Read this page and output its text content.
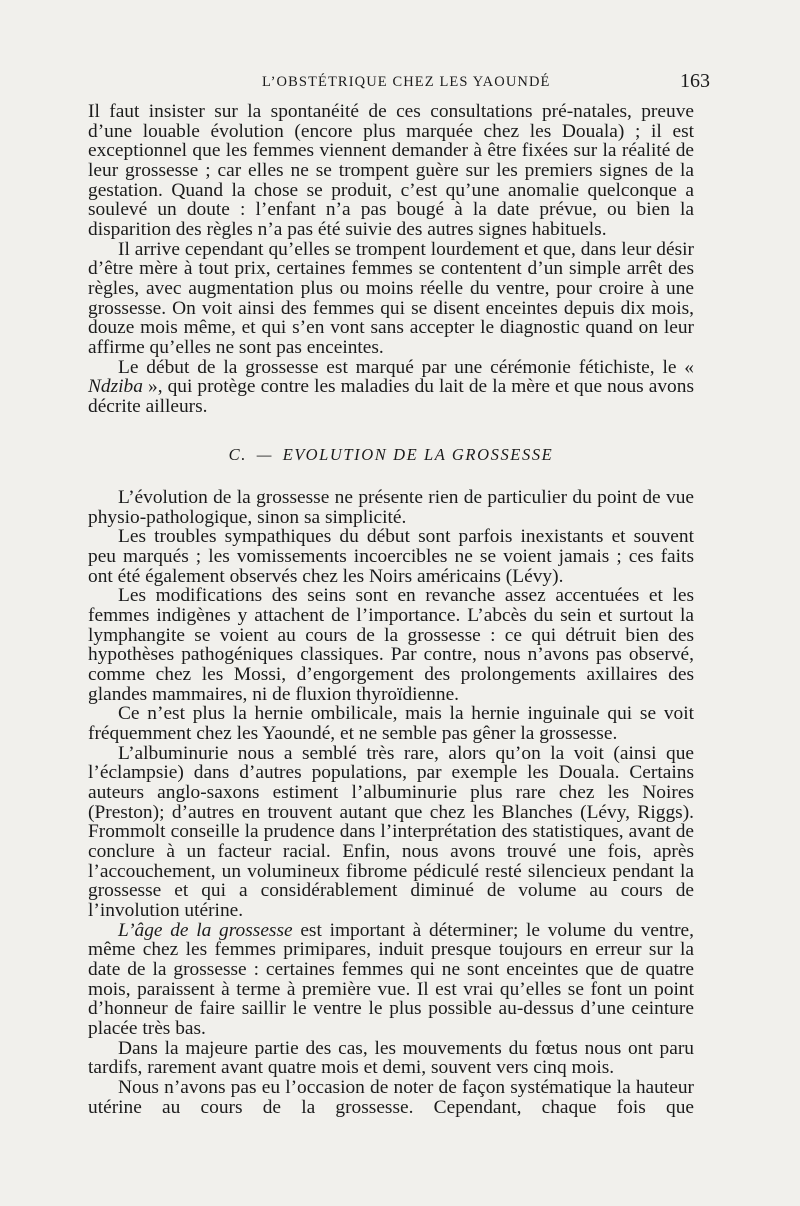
L’OBSTÉTRIQUE CHEZ LES YAOUNDÉ	163

Il faut insister sur la spontanéité de ces consultations pré-natales, preuve d’une louable évolution (encore plus marquée chez les Douala) ; il est exceptionnel que les femmes viennent demander à être fixées sur la réalité de leur grossesse ; car elles ne se trompent guère sur les premiers signes de la gestation. Quand la chose se produit, c’est qu’une anomalie quelconque a soulevé un doute : l’enfant n’a pas bougé à la date prévue, ou bien la disparition des règles n’a pas été suivie des autres signes habituels.

Il arrive cependant qu’elles se trompent lourdement et que, dans leur désir d’être mère à tout prix, certaines femmes se contentent d’un simple arrêt des règles, avec augmentation plus ou moins réelle du ventre, pour croire à une grossesse. On voit ainsi des femmes qui se disent enceintes depuis dix mois, douze mois même, et qui s’en vont sans accepter le diagnostic quand on leur affirme qu’elles ne sont pas enceintes.

Le début de la grossesse est marqué par une cérémonie fétichiste, le « Ndziba », qui protège contre les maladies du lait de la mère et que nous avons décrite ailleurs.

C. — EVOLUTION DE LA GROSSESSE

L’évolution de la grossesse ne présente rien de particulier du point de vue physio-pathologique, sinon sa simplicité.

Les troubles sympathiques du début sont parfois inexistants et souvent peu marqués ; les vomissements incoercibles ne se voient jamais ; ces faits ont été également observés chez les Noirs américains (Lévy).

Les modifications des seins sont en revanche assez accentuées et les femmes indigènes y attachent de l’importance. L’abcès du sein et surtout la lymphangite se voient au cours de la grossesse : ce qui détruit bien des hypothèses pathogéniques classiques. Par contre, nous n’avons pas observé, comme chez les Mossi, d’engorgement des prolongements axillaires des glandes mammaires, ni de fluxion thyroïdienne.

Ce n’est plus la hernie ombilicale, mais la hernie inguinale qui se voit fréquemment chez les Yaoundé, et ne semble pas gêner la grossesse.

L’albuminurie nous a semblé très rare, alors qu’on la voit (ainsi que l’éclampsie) dans d’autres populations, par exemple les Douala. Certains auteurs anglo-saxons estiment l’albuminurie plus rare chez les Noires (Preston); d’autres en trouvent autant que chez les Blanches (Lévy, Riggs). Frommolt conseille la prudence dans l’interprétation des statistiques, avant de conclure à un facteur racial. Enfin, nous avons trouvé une fois, après l’accouchement, un volumineux fibrome pédiculé resté silencieux pendant la grossesse et qui a considérablement diminué de volume au cours de l’involution utérine.

L’âge de la grossesse est important à déterminer; le volume du ventre, même chez les femmes primipares, induit presque toujours en erreur sur la date de la grossesse : certaines femmes qui ne sont enceintes que de quatre mois, paraissent à terme à première vue. Il est vrai qu’elles se font un point d’honneur de faire saillir le ventre le plus possible au-dessus d’une ceinture placée très bas.

Dans la majeure partie des cas, les mouvements du fœtus nous ont paru tardifs, rarement avant quatre mois et demi, souvent vers cinq mois.

Nous n’avons pas eu l’occasion de noter de façon systématique la hauteur utérine au cours de la grossesse. Cependant, chaque fois que
